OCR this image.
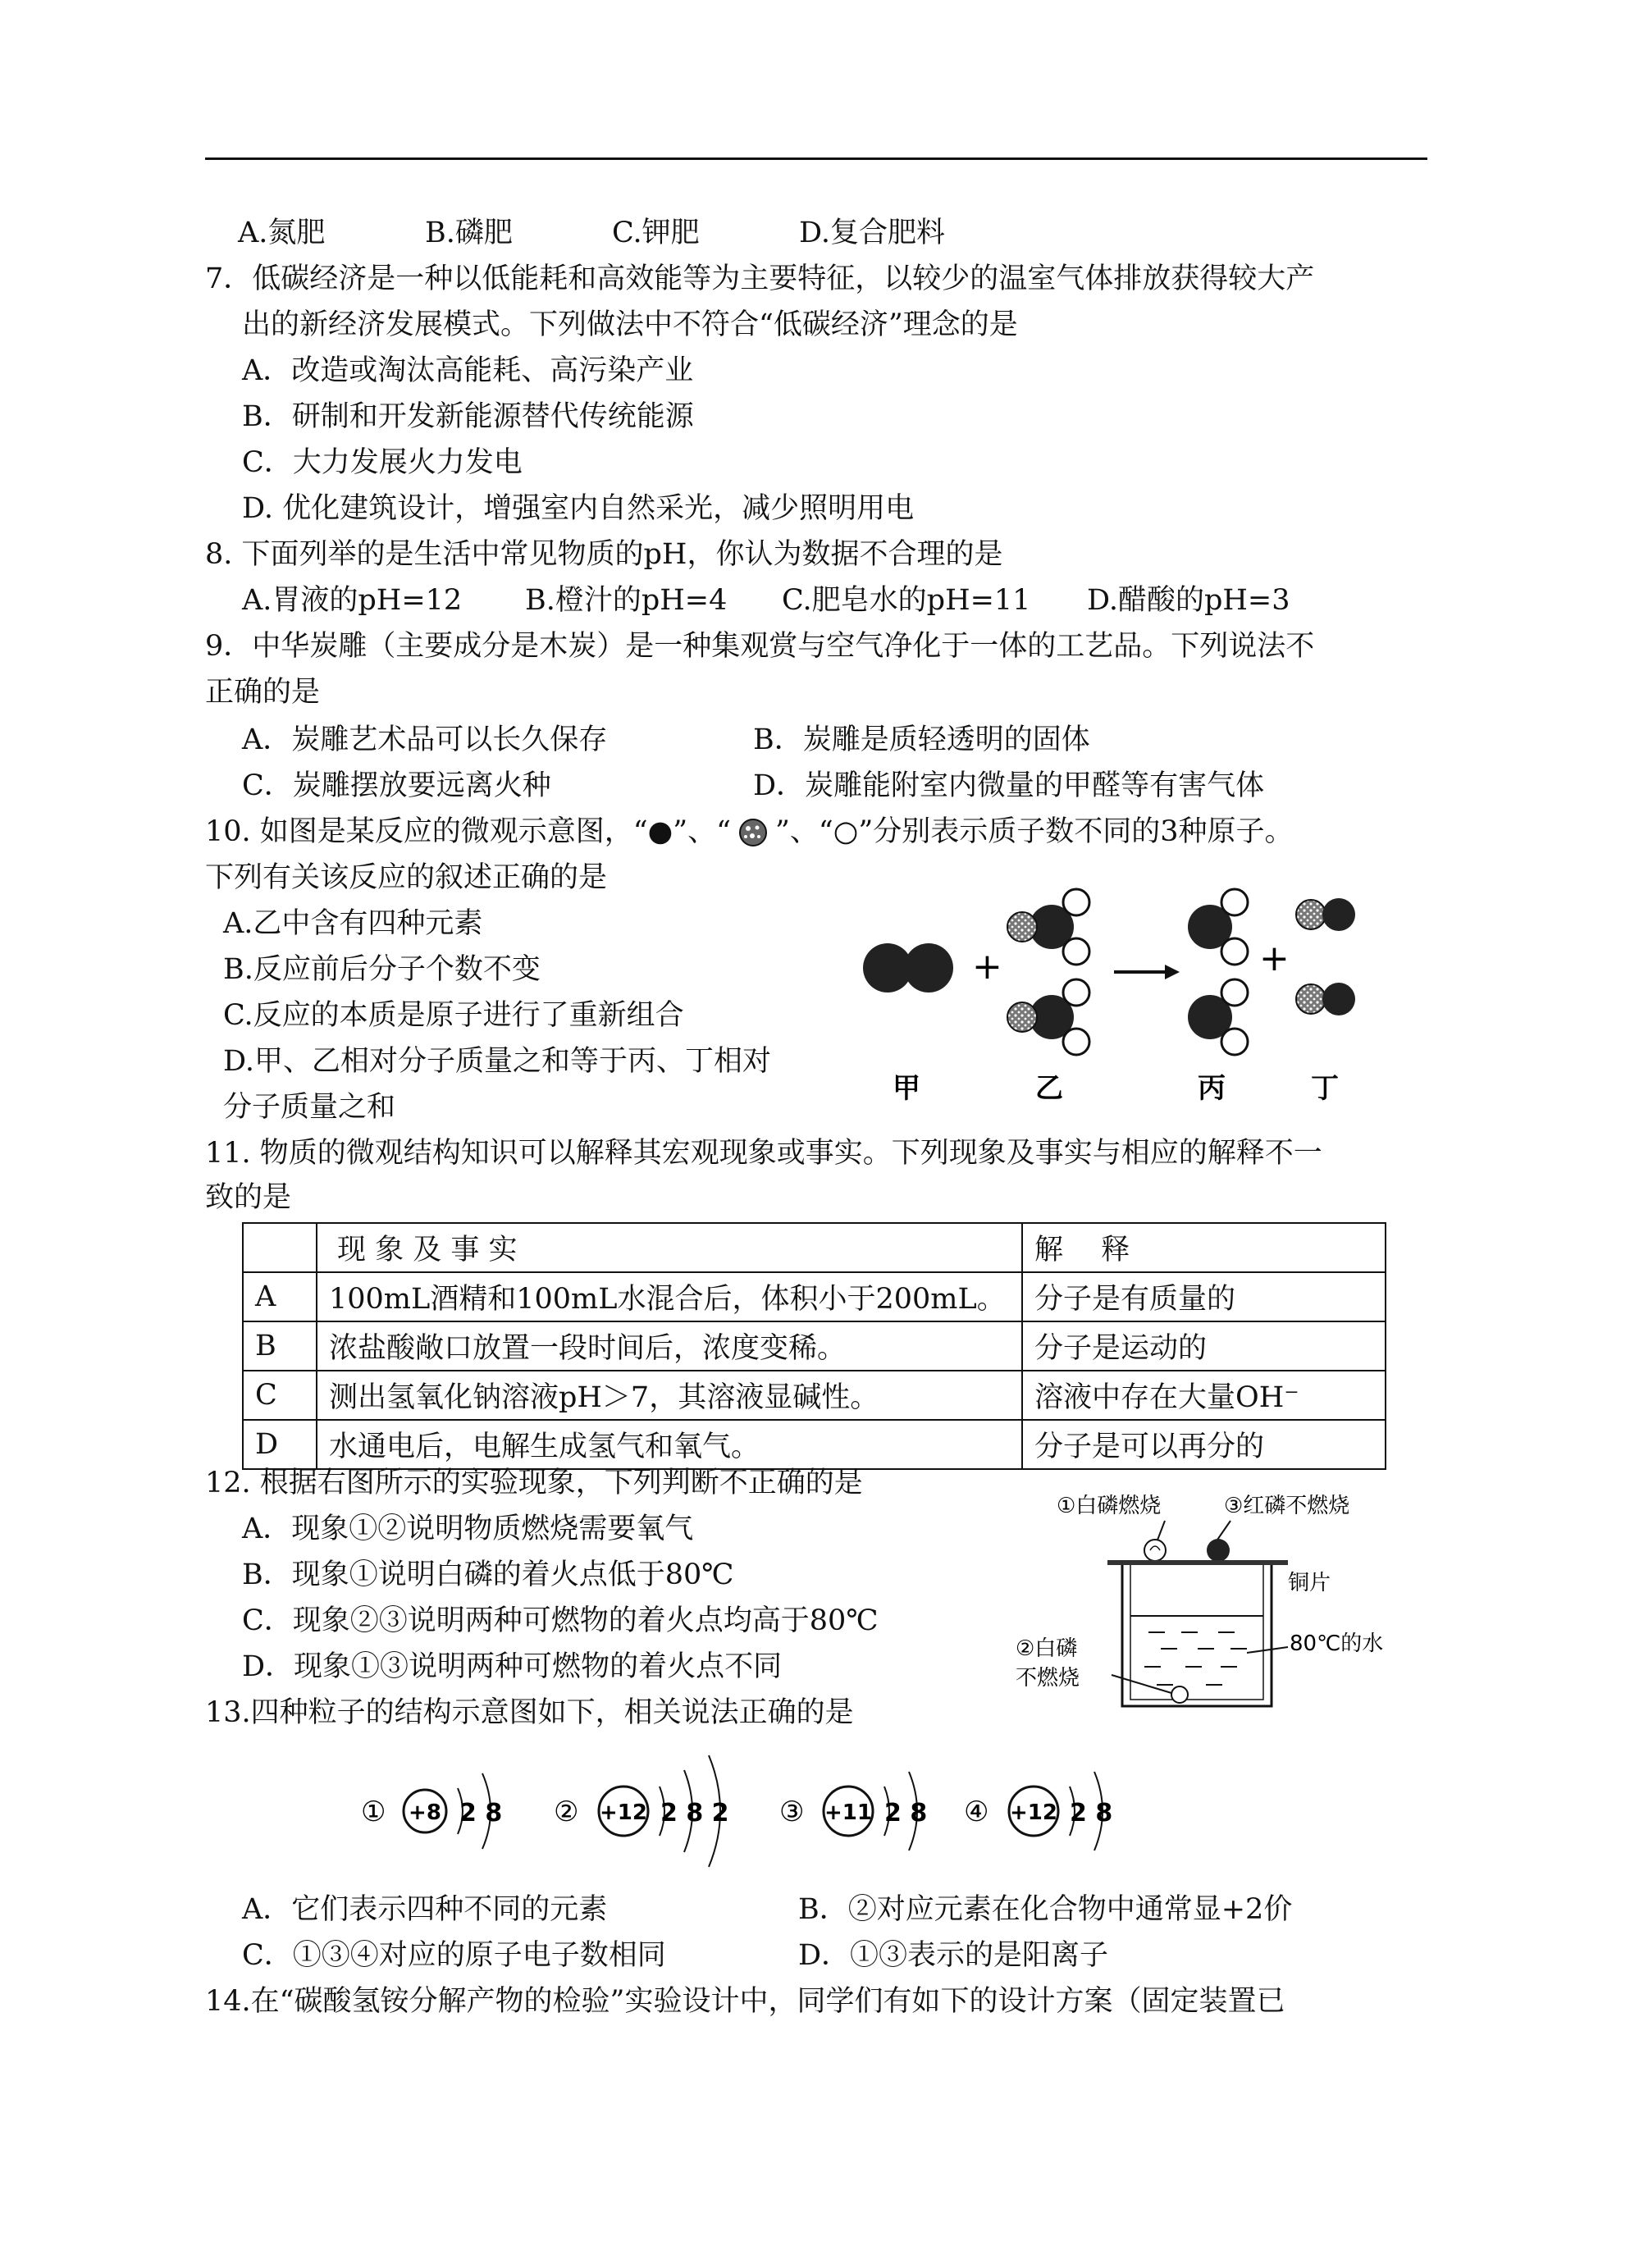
A.氮肥	B.磷肥	C.钾肥	D.复合肥料
7．低碳经济是一种以低能耗和高效能等为主要特征，以较少的温室气体排放获得较大产
出的新经济发展模式。下列做法中不符合“低碳经济”理念的是
A．改造或淘汰高能耗、高污染产业
B．研制和开发新能源替代传统能源
C．大力发展火力发电
D. 优化建筑设计，增强室内自然采光，减少照明用电
8. 下面列举的是生活中常见物质的pH，你认为数据不合理的是
A.胃液的pH=12 B.橙汁的pH=4 C.肥皂水的pH=11 D.醋酸的pH=3
9．中华炭雕（主要成分是木炭）是一种集观赏与空气净化于一体的工艺品。下列说法不
正确的是
A．炭雕艺术品可以长久保存	B．炭雕是质轻透明的固体
C．炭雕摆放要远离火种	D．炭雕能附室内微量的甲醛等有害气体
10. 如图是某反应的微观示意图，“●”、“ ”、“○”分别表示质子数不同的3种原子。
下列有关该反应的叙述正确的是
A.乙中含有四种元素
B.反应前后分子个数不变
C.反应的本质是原子进行了重新组合
D.甲、乙相对分子质量之和等于丙、丁相对
分子质量之和
+	+
甲	乙	丙	丁
11. 物质的微观结构知识可以解释其宏观现象或事实。下列现象及事实与相应的解释不一
致的是
	现 象 及 事 实	解　 释
A	100mL酒精和100mL水混合后，体积小于200mL。	分子是有质量的
B	浓盐酸敞口放置一段时间后，浓度变稀。	分子是运动的
C	测出氢氧化钠溶液pH＞7，其溶液显碱性。	溶液中存在大量OH⁻
D	水通电后，电解生成氢气和氧气。	分子是可以再分的
12. 根据右图所示的实验现象，下列判断不正确的是
A．现象①②说明物质燃烧需要氧气
B．现象①说明白磷的着火点低于80℃
C．现象②③说明两种可燃物的着火点均高于80℃
D．现象①③说明两种可燃物的着火点不同
①白磷燃烧	③红磷不燃烧
铜片
80℃的水
②白磷
不燃烧
13.四种粒子的结构示意图如下，相关说法正确的是
① +8 2 8 ② +12 2 8 2 ③ +11 2 8 ④ +12 2 8
A．它们表示四种不同的元素	B．②对应元素在化合物中通常显+2价
C．①③④对应的原子电子数相同	D．①③表示的是阳离子
14.在“碳酸氢铵分解产物的检验”实验设计中，同学们有如下的设计方案（固定装置已
